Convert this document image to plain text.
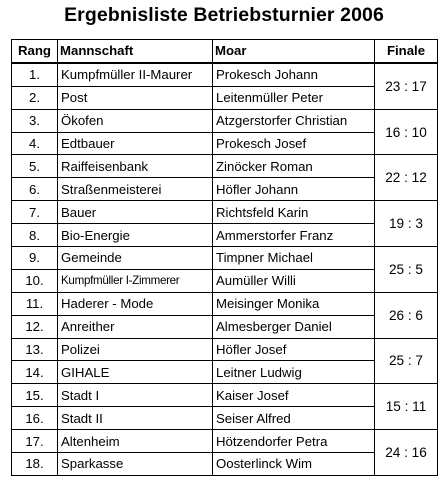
Ergebnisliste Betriebsturnier 2006
Rang	Mannschaft	Moar	Finale
1.	Kumpfmüller II-Maurer	Prokesch Johann	23 : 17
2.	Post	Leitenmüller Peter	
3.	Ökofen	Atzgerstorfer Christian	16 : 10
4.	Edtbauer	Prokesch Josef	
5.	Raiffeisenbank	Zinöcker Roman	22 : 12
6.	Straßenmeisterei	Höfler Johann	
7.	Bauer	Richtsfeld Karin	19 : 3
8.	Bio-Energie	Ammerstorfer Franz	
9.	Gemeinde	Timpner Michael	25 : 5
10.	Kumpfmüller I-Zimmerer	Aumüller Willi	
11.	Haderer - Mode	Meisinger Monika	26 : 6
12.	Anreither	Almesberger Daniel	
13.	Polizei	Höfler Josef	25 : 7
14.	GIHALE	Leitner Ludwig	
15.	Stadt I	Kaiser Josef	15 : 11
16.	Stadt II	Seiser Alfred	
17.	Altenheim	Hötzendorfer Petra	24 : 16
18.	Sparkasse	Oosterlinck Wim	
